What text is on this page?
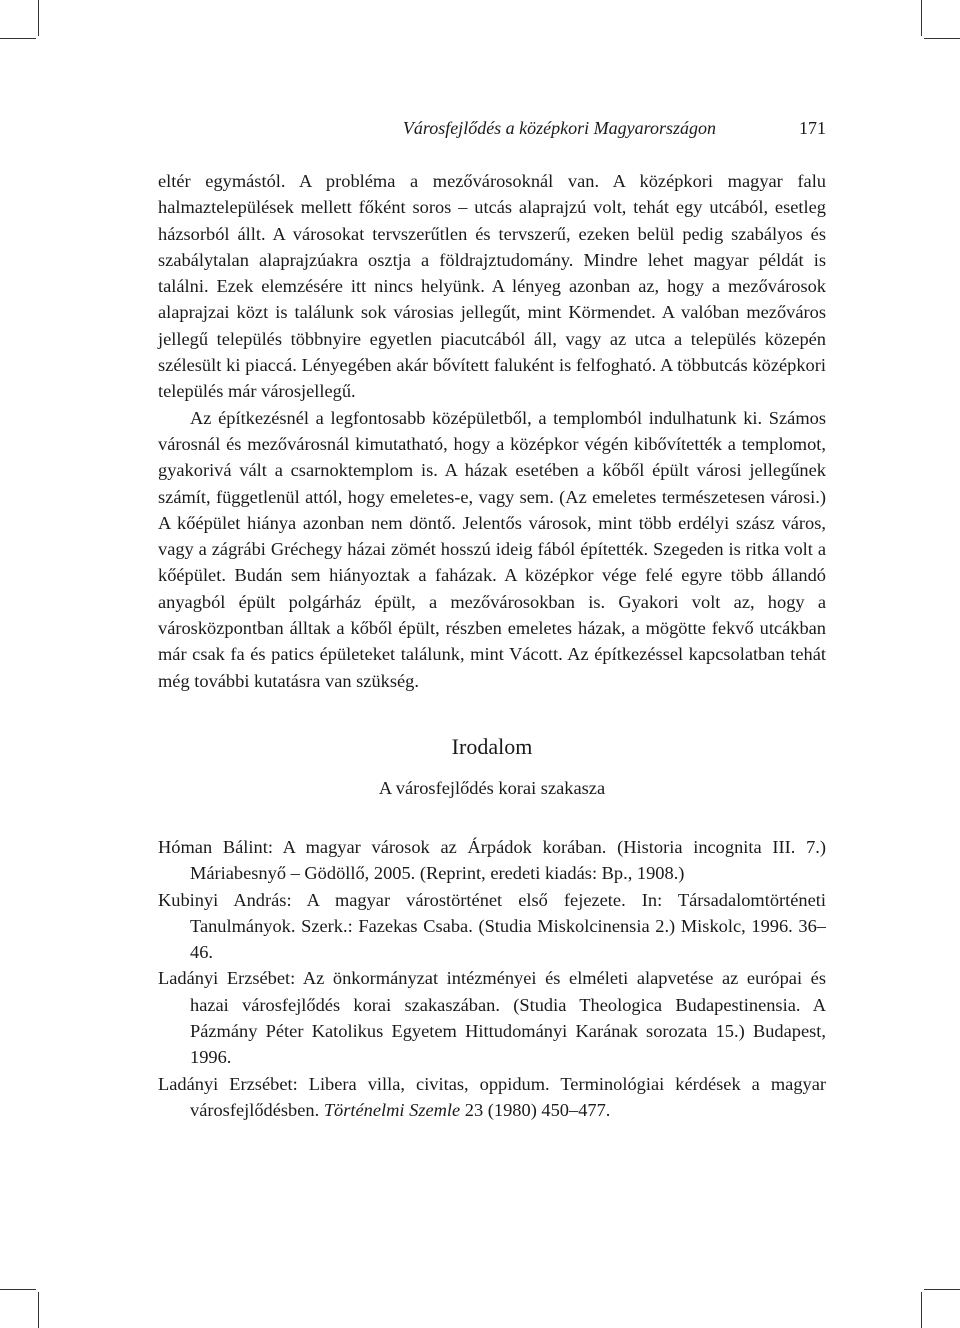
Városfejlődés a középkori Magyarországon	171

eltér egymástól. A probléma a mezővárosoknál van. A középkori magyar falu halmaztelepülések mellett főként soros – utcás alaprajzú volt, tehát egy utcából, esetleg házsorból állt. A városokat tervszerűtlen és tervszerű, ezeken belül pedig szabályos és szabálytalan alaprajzúakra osztja a földrajztudomány. Mindre lehet magyar példát is találni. Ezek elemzésére itt nincs helyünk. A lényeg azonban az, hogy a mezővárosok alaprajzai közt is találunk sok városias jellegűt, mint Körmendet. A valóban mezőváros jellegű település többnyire egyetlen piacutcából áll, vagy az utca a település közepén szélesült ki piaccá. Lényegében akár bővített faluként is felfogható. A többutcás középkori település már városjellegű.

Az építkezésnél a legfontosabb középületből, a templomból indulhatunk ki. Számos városnál és mezővárosnál kimutatható, hogy a középkor végén kibővítették a templomot, gyakorivá vált a csarnoktemplom is. A házak esetében a kőből épült városi jellegűnek számít, függetlenül attól, hogy emeletes-e, vagy sem. (Az emeletes természetesen városi.) A kőépület hiánya azonban nem döntő. Jelentős városok, mint több erdélyi szász város, vagy a zágrábi Gréchegy házai zömét hosszú ideig fából építették. Szegeden is ritka volt a kőépület. Budán sem hiányoztak a faházak. A középkor vége felé egyre több állandó anyagból épült polgárház épült, a mezővárosokban is. Gyakori volt az, hogy a városközpontban álltak a kőből épült, részben emeletes házak, a mögötte fekvő utcákban már csak fa és patics épületeket találunk, mint Vácott. Az építkezéssel kapcsolatban tehát még további kutatásra van szükség.

Irodalom
A városfejlődés korai szakasza

Hóman Bálint: A magyar városok az Árpádok korában. (Historia incognita III. 7.) Máriabesnyő – Gödöllő, 2005. (Reprint, eredeti kiadás: Bp., 1908.)

Kubinyi András: A magyar várostörténet első fejezete. In: Társadalomtörténeti Tanulmányok. Szerk.: Fazekas Csaba. (Studia Miskolcinensia 2.) Miskolc, 1996. 36–46.

Ladányi Erzsébet: Az önkormányzat intézményei és elméleti alapvetése az európai és hazai városfejlődés korai szakaszában. (Studia Theologica Budapestinensia. A Pázmány Péter Katolikus Egyetem Hittudományi Karának sorozata 15.) Budapest, 1996.

Ladányi Erzsébet: Libera villa, civitas, oppidum. Terminológiai kérdések a magyar városfejlődésben. Történelmi Szemle 23 (1980) 450–477.
